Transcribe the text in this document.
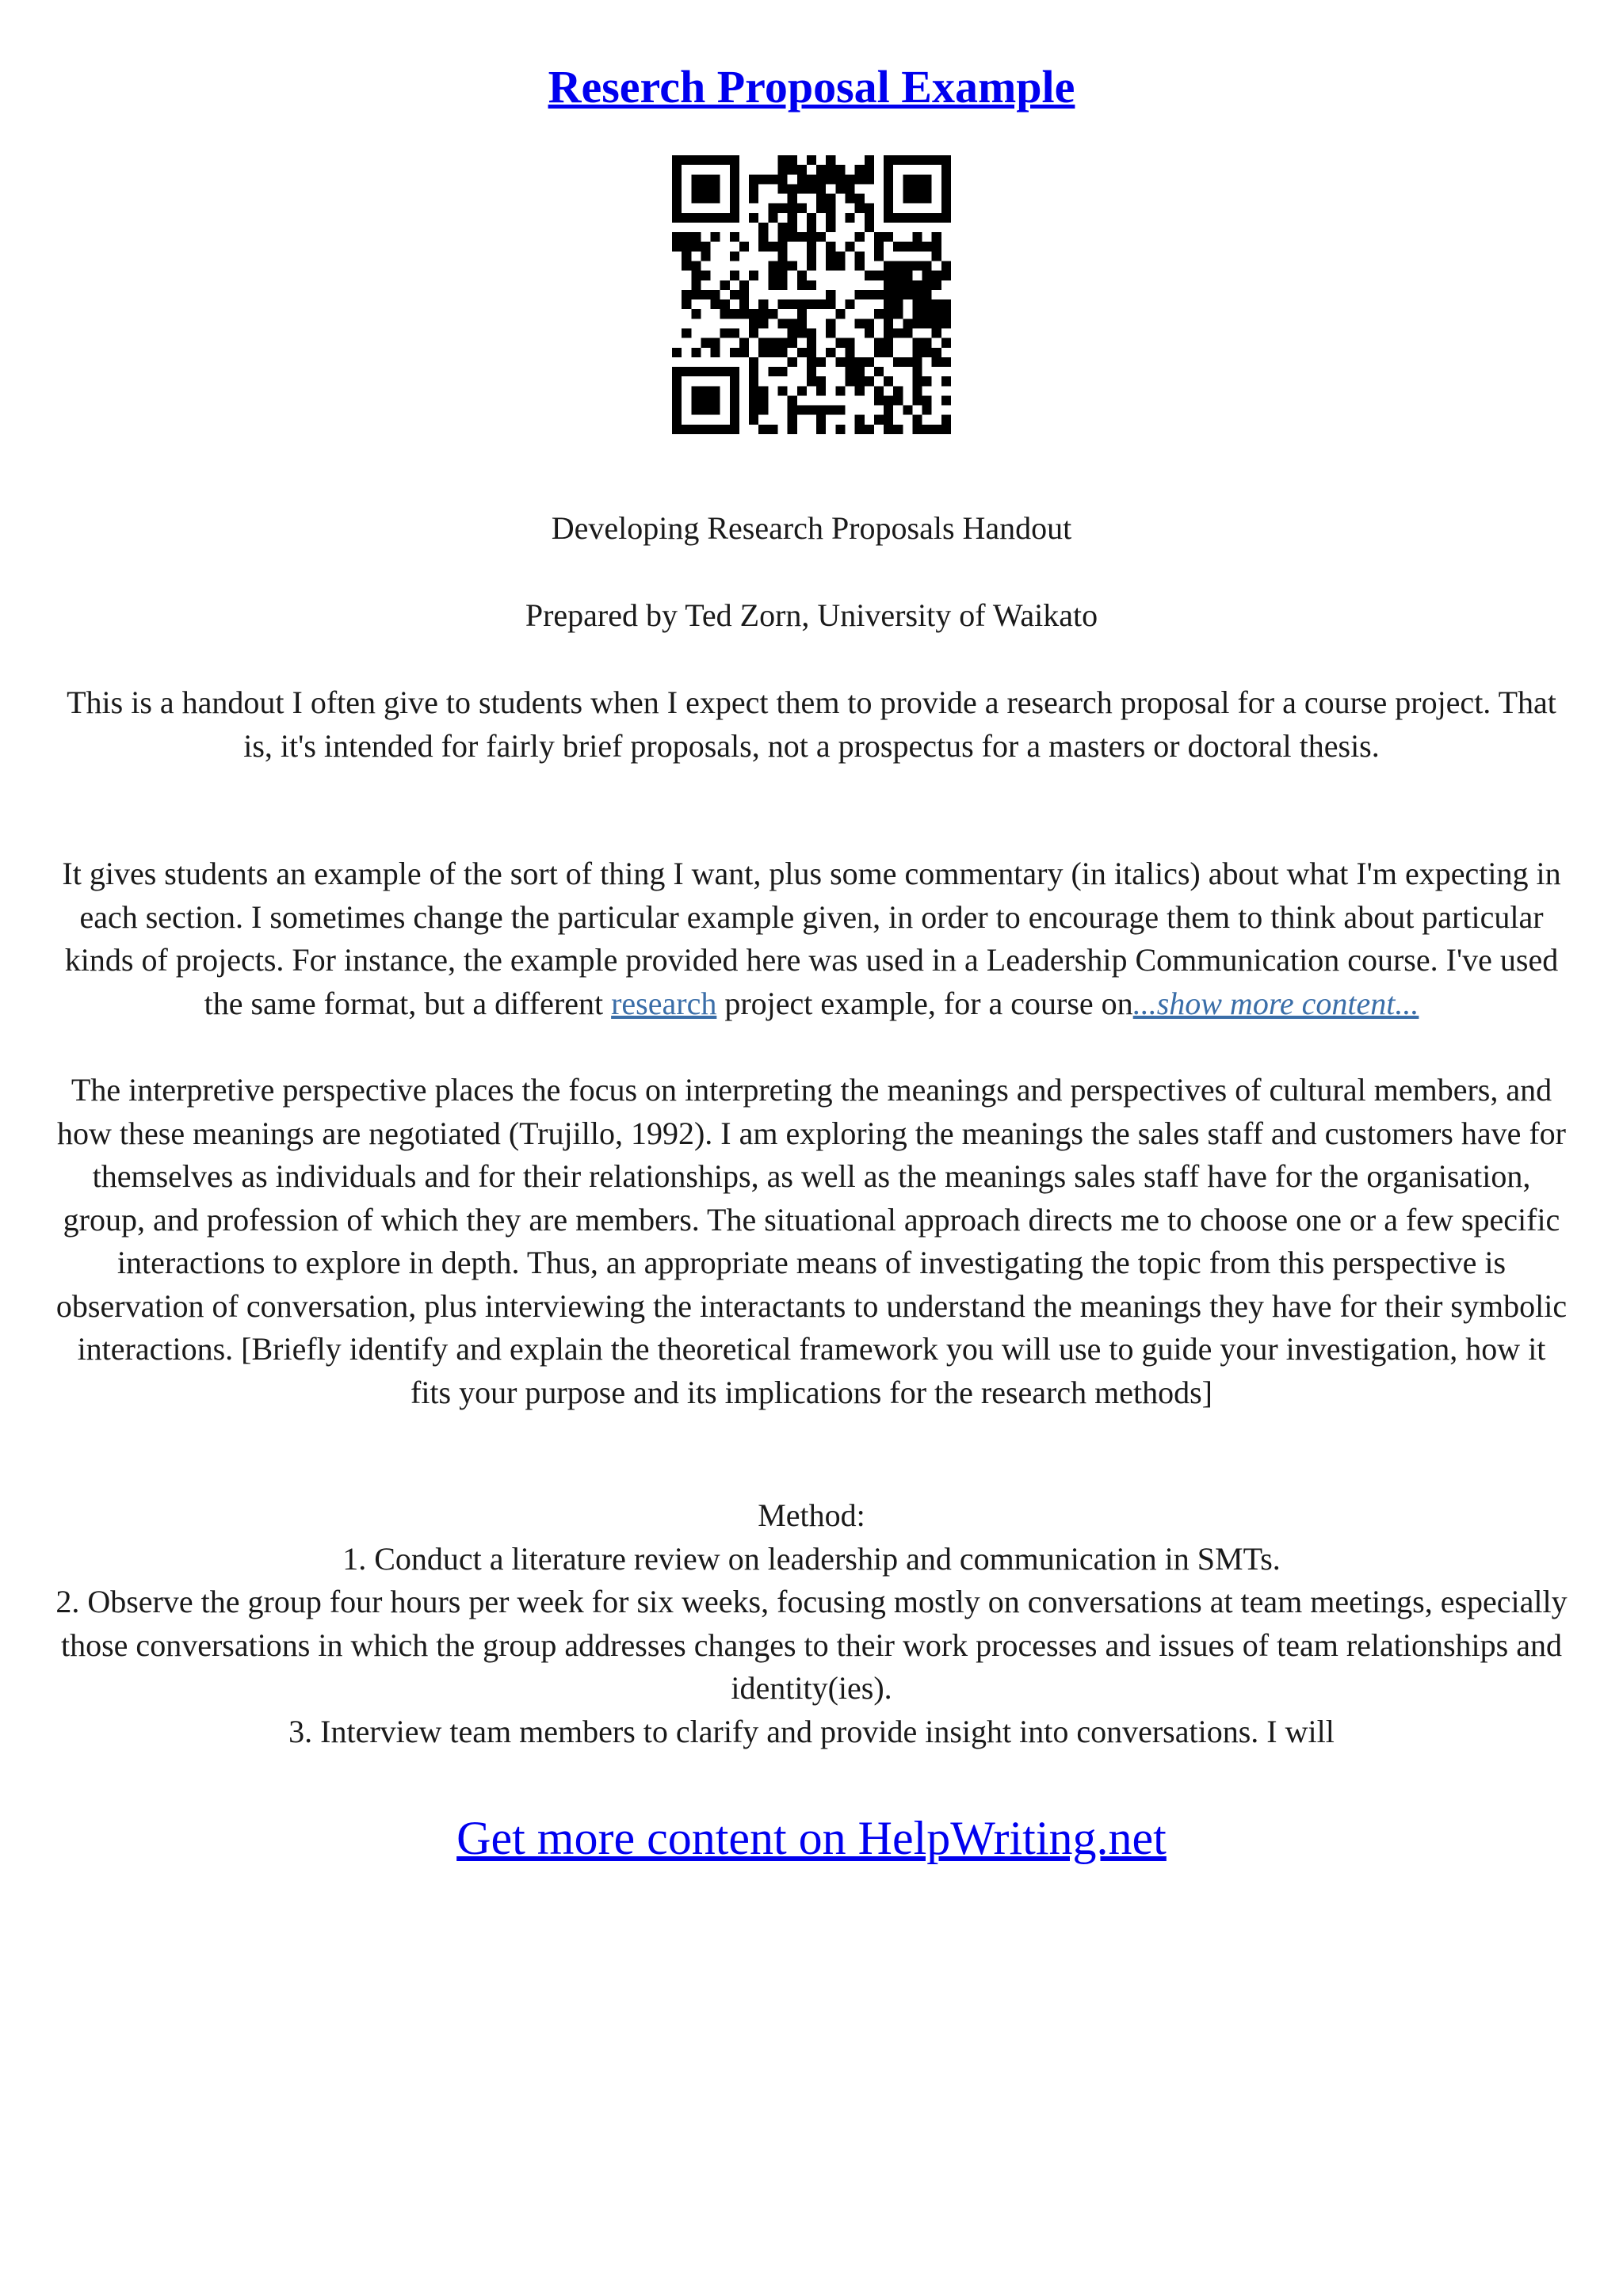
Reserch Proposal Example
Developing Research Proposals Handout
Prepared by Ted Zorn, University of Waikato
This is a handout I often give to students when I expect them to provide a research proposal for a course project. That is, it's intended for fairly brief proposals, not a prospectus for a masters or doctoral thesis.
It gives students an example of the sort of thing I want, plus some commentary (in italics) about what I'm expecting in each section. I sometimes change the particular example given, in order to encourage them to think about particular kinds of projects. For instance, the example provided here was used in a Leadership Communication course. I've used the same format, but a different research project example, for a course on...show more content...
The interpretive perspective places the focus on interpreting the meanings and perspectives of cultural members, and how these meanings are negotiated (Trujillo, 1992). I am exploring the meanings the sales staff and customers have for themselves as individuals and for their relationships, as well as the meanings sales staff have for the organisation, group, and profession of which they are members. The situational approach directs me to choose one or a few specific interactions to explore in depth. Thus, an appropriate means of investigating the topic from this perspective is observation of conversation, plus interviewing the interactants to understand the meanings they have for their symbolic interactions. [Briefly identify and explain the theoretical framework you will use to guide your investigation, how it fits your purpose and its implications for the research methods]
Method:
1. Conduct a literature review on leadership and communication in SMTs.
2. Observe the group four hours per week for six weeks, focusing mostly on conversations at team meetings, especially those conversations in which the group addresses changes to their work processes and issues of team relationships and identity(ies).
3. Interview team members to clarify and provide insight into conversations. I will
Get more content on HelpWriting.net
